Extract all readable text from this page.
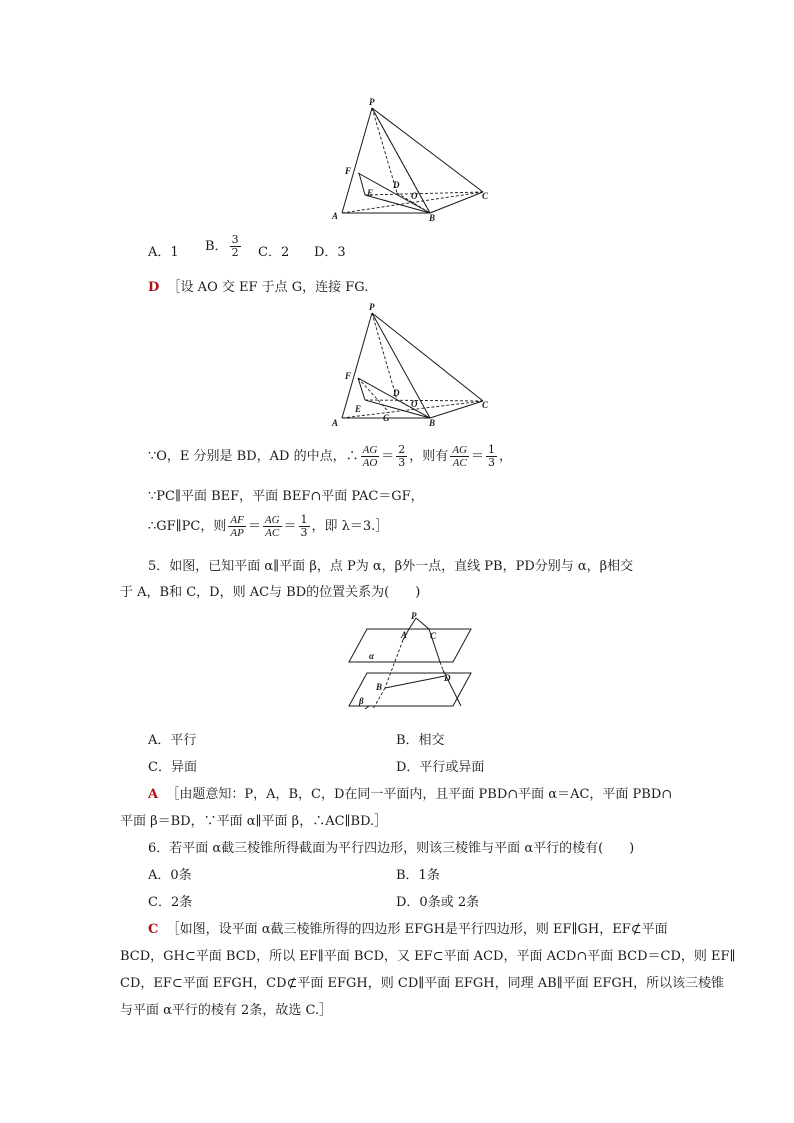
P
F
E
D
O	C
A	B
A．1 B． $\frac{3}{2}$ C．2 D．3
D ［设 AO 交 EF 于点 G，连接 FG.
P
F
E
D
O
G
C
A	B
∵O，E 分别是 BD，AD 的中点，∴ $\frac{AG}{AO} = \frac{2}{3}$ ，则有 $\frac{AG}{AC} = \frac{1}{3}$ ，
∵PC∥平面 BEF，平面 BEF∩平面 PAC＝GF，
∴GF∥PC，则 $\frac{AF}{AP} = \frac{AG}{AC} = \frac{1}{3}$ ，即 λ＝3.］
5．如图，已知平面 α∥平面 β，点 P为 α，β外一点，直线 PB，PD分别与 α，β相交
于 A，B和 C，D，则 AC与 BD的位置关系为(　　)
P
A	C
α
B
D
β
A．平行	B．相交
C．异面	D．平行或异面
A ［由题意知：P，A，B，C，D在同一平面内，且平面 PBD∩平面 α＝AC，平面 PBD∩
平面 β＝BD，∵平面 α∥平面 β，∴AC∥BD.］
6．若平面 α截三棱锥所得截面为平行四边形，则该三棱锥与平面 α平行的棱有(　　)
A．0条	B．1条
C．2条	D．0条或 2条
C ［如图，设平面 α截三棱锥所得的四边形 EFGH是平行四边形，则 EF∥GH，EF⊄平面
BCD，GH⊂平面 BCD，所以 EF∥平面 BCD，又 EF⊂平面 ACD，平面 ACD∩平面 BCD＝CD，则 EF∥
CD，EF⊂平面 EFGH，CD⊄平面 EFGH，则 CD∥平面 EFGH，同理 AB∥平面 EFGH，所以该三棱锥
与平面 α平行的棱有 2条，故选 C.］
